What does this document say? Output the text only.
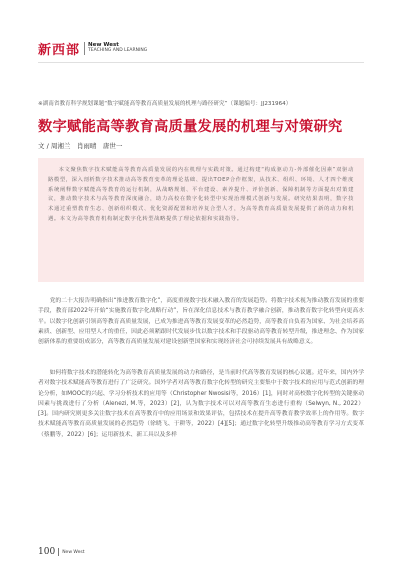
新西部 New West
TEACHING AND LEARNING
※湖南省教育科学规划课题“数字赋能高等教育高质量发展的机理与路径研究”（课题编号：JJ231964）
数字赋能高等教育高质量发展的机理与对策研究
文 / 周湘兰　肖雨晴　唐世一

本文聚焦数字技术赋能高等教育高质量发展的内在机理与实践对策。通过构建“构成驱动力-外部催化因素”双驱动路模型，深入剖析数字技术推动高等教育变革的理论基础、提出TOEP合作框架，从技术、组织、环境、人才四个维度系统阐释数字赋能高等教育的运行机制，从战略规划、平台建设、素养提升、评价创新、保障机制等方面提出对策建议，推动数字技术与高等教育深度融合，助力高校在数字化转型中实现治理模式创新与发展。研究结果表明，数字技术通过重塑教育生态、创新组织模式、优化资源配置和培养复合型人才，为高等教育高质量发展提供了新的动力和机遇。本文为高等教育机构制定数字化转型战略提供了理论依据和实践指导。

党的二十大报告明确指出“推进教育数字化”，高度重视数字技术融入教育的发展趋势。将数字技术视为推动教育发展的重要手段，教育部2022年开始“实施教育数字化战略行动”，旨在深化信息技术与教育教学融合创新，推动教育数字化转型向更高水平。以数字化创新引领高等教育高质量发展，已成为推进高等教育发展变革的必然趋势，高等教育自负着为国家、为社会培养高素质、创新型、应用型人才的重任，因此必须紧跟时代发展步伐以数字技术和手段驱动高等教育转型升级，推进理念、作为国家创新体系的重要组成部分，高等教育高质量发展对建设创新型国家和实现经济社会可持续发展具有战略意义。
如何将数字技术的潜能转化为高等教育高质量发展的动力和路径，是当前时代高等教育发展的核心议题。近年来，国内外学者对数字技术赋能高等教育进行了广泛研究。国外学者对高等教育数字化转型的研究主要集中于数字技术的应用与范式创新的理论分析，如MOOC的兴起、学习分析技术的应用等（Christopher Nwosisi等，2016）[1]，同时对高校数字化转型的关键驱动因素与挑战进行了分析（Alenezi, M.等，2023）[2]，认为数字技术可以对高等教育生态进行重构（Selwyn, N., 2022）[3]。国内研究则更多关注数字技术在高等教育中的应用场景和效果评估，包括技术在提升高等教育教学效率上的作用等。数字技术赋能高等教育高质量发展的必然趋势（徐晓飞、于耕等，2022）[4][5]；通过数字化转型升级推动高等教育学习方式变革（蔡鹏等，2022）[6]；运用新技术、新工具以及多样
100 New West
